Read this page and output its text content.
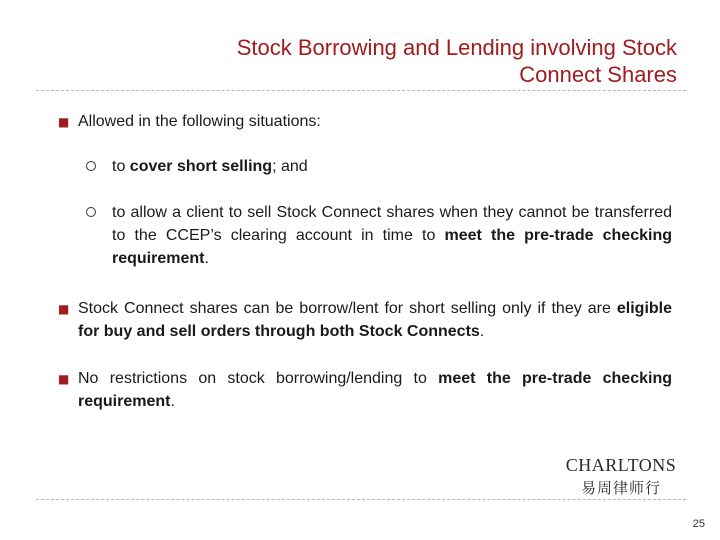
Stock Borrowing and Lending involving Stock
Connect Shares
■ Allowed in the following situations:
to cover short selling; and
to allow a client to sell Stock Connect shares when they cannot be transferred to the CCEP’s clearing account in time to meet the pre-trade checking requirement.
■ Stock Connect shares can be borrow/lent for short selling only if they are eligible for buy and sell orders through both Stock Connects.
■ No restrictions on stock borrowing/lending to meet the pre-trade checking requirement.
CHARLTONS
易周律师行
25
